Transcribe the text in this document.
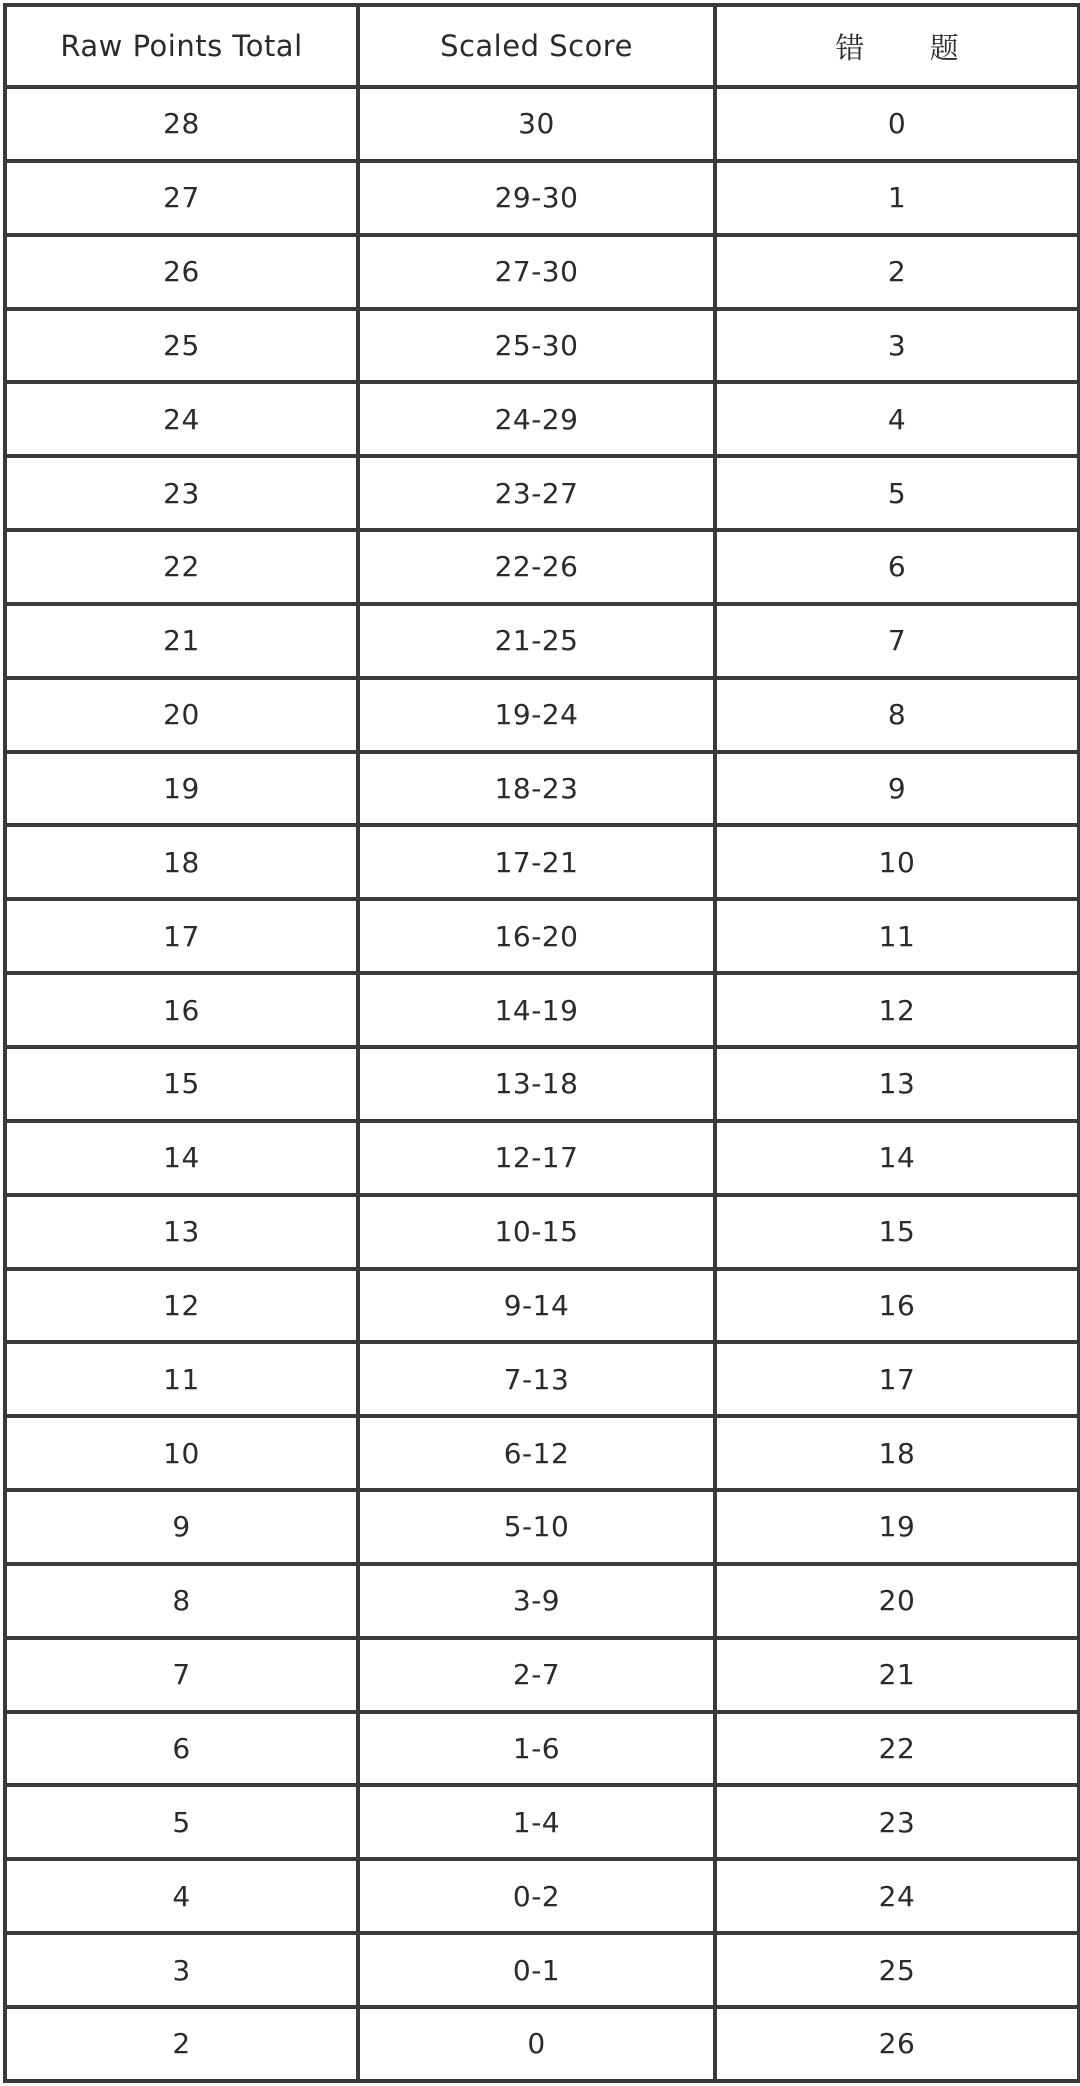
Raw Points Total	Scaled Score	错 题
28	30	0
27	29-30	1
26	27-30	2
25	25-30	3
24	24-29	4
23	23-27	5
22	22-26	6
21	21-25	7
20	19-24	8
19	18-23	9
18	17-21	10
17	16-20	11
16	14-19	12
15	13-18	13
14	12-17	14
13	10-15	15
12	9-14	16
11	7-13	17
10	6-12	18
9	5-10	19
8	3-9	20
7	2-7	21
6	1-6	22
5	1-4	23
4	0-2	24
3	0-1	25
2	0	26
